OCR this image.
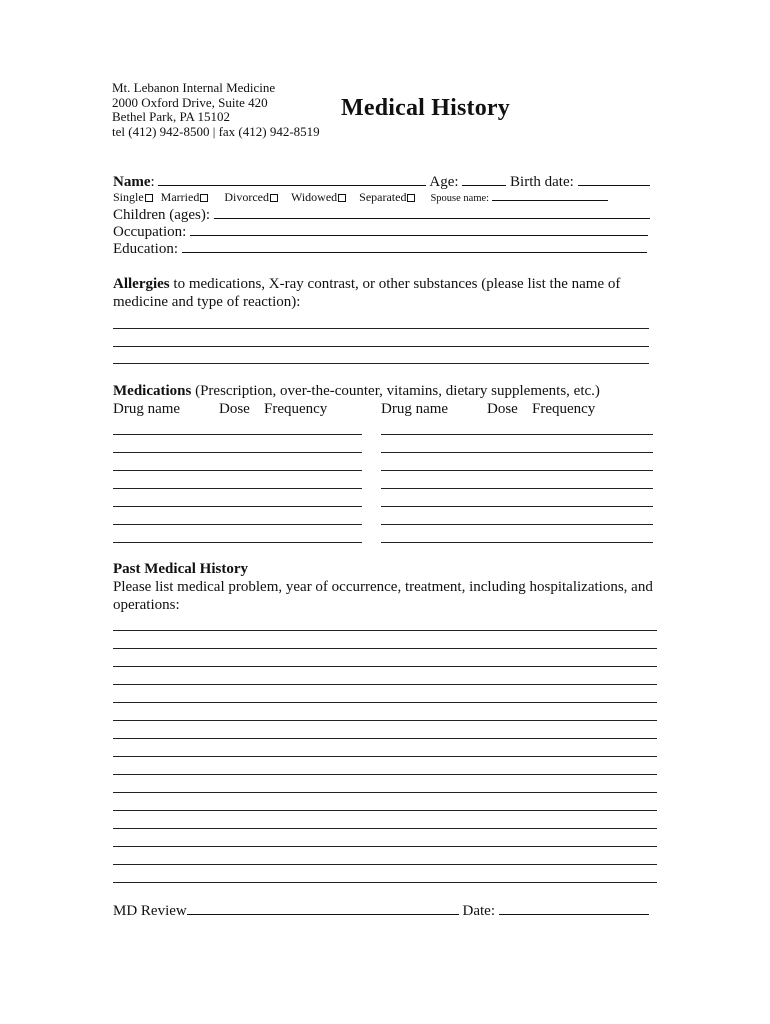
Mt. Lebanon Internal Medicine
2000 Oxford Drive, Suite 420
Bethel Park, PA 15102
tel (412) 942-8500 | fax (412) 942-8519
Medical History
Name:	Age:	Birth date:
Single Married Divorced Widowed Separated Spouse name:
Children (ages):
Occupation:
Education:
Allergies to medications, X-ray contrast, or other substances (please list the name of
medicine and type of reaction):
Medications (Prescription, over-the-counter, vitamins, dietary supplements, etc.)
Drug name	Dose Frequency	Drug name	Dose Frequency
Past Medical History
Please list medical problem, year of occurrence, treatment, including hospitalizations, and
operations:
MD Review	Date:
